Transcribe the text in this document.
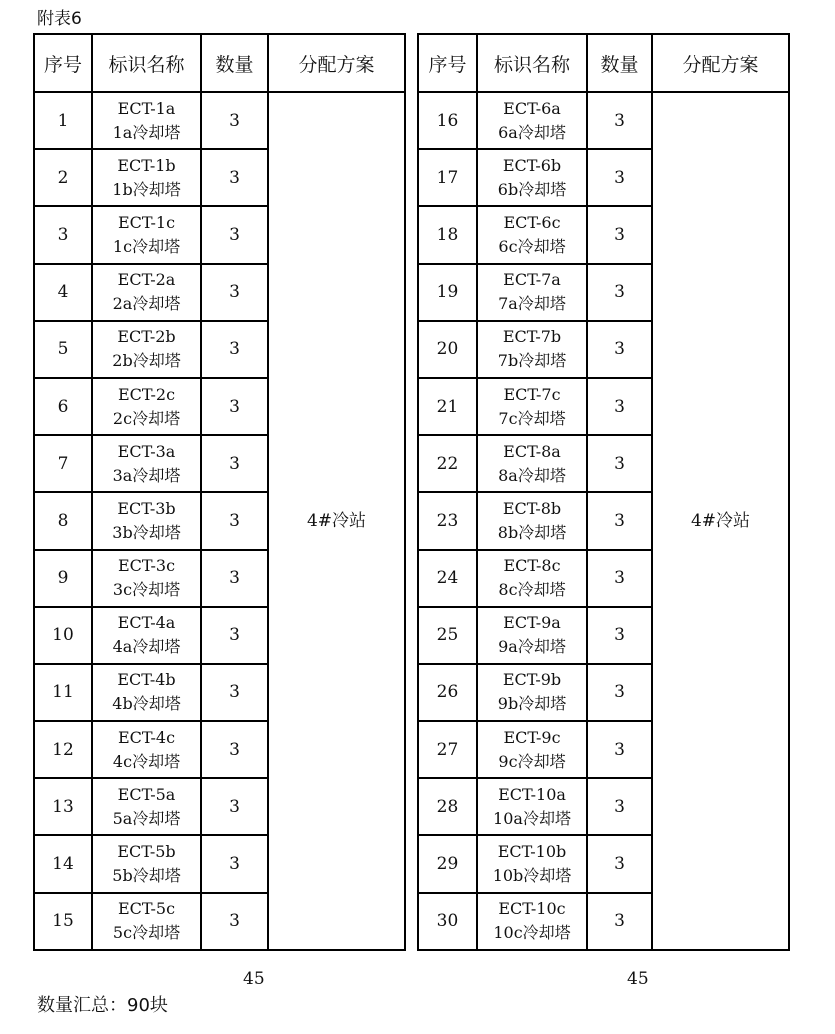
附表6
序号	标识名称	数量	分配方案
1	ECT-1a
1a冷却塔	3	4#冷站
2	ECT-1b
1b冷却塔	3	
3	ECT-1c
1c冷却塔	3	
4	ECT-2a
2a冷却塔	3	
5	ECT-2b
2b冷却塔	3	
6	ECT-2c
2c冷却塔	3	
7	ECT-3a
3a冷却塔	3	
8	ECT-3b
3b冷却塔	3	
9	ECT-3c
3c冷却塔	3	
10	ECT-4a
4a冷却塔	3	
11	ECT-4b
4b冷却塔	3	
12	ECT-4c
4c冷却塔	3	
13	ECT-5a
5a冷却塔	3	
14	ECT-5b
5b冷却塔	3	
15	ECT-5c
5c冷却塔	3	
序号	标识名称	数量	分配方案
16	ECT-6a
6a冷却塔	3	4#冷站
17	ECT-6b
6b冷却塔	3	
18	ECT-6c
6c冷却塔	3	
19	ECT-7a
7a冷却塔	3	
20	ECT-7b
7b冷却塔	3	
21	ECT-7c
7c冷却塔	3	
22	ECT-8a
8a冷却塔	3	
23	ECT-8b
8b冷却塔	3	
24	ECT-8c
8c冷却塔	3	
25	ECT-9a
9a冷却塔	3	
26	ECT-9b
9b冷却塔	3	
27	ECT-9c
9c冷却塔	3	
28	ECT-10a
10a冷却塔	3	
29	ECT-10b
10b冷却塔	3	
30	ECT-10c
10c冷却塔	3	
45	45
数量汇总：90块
